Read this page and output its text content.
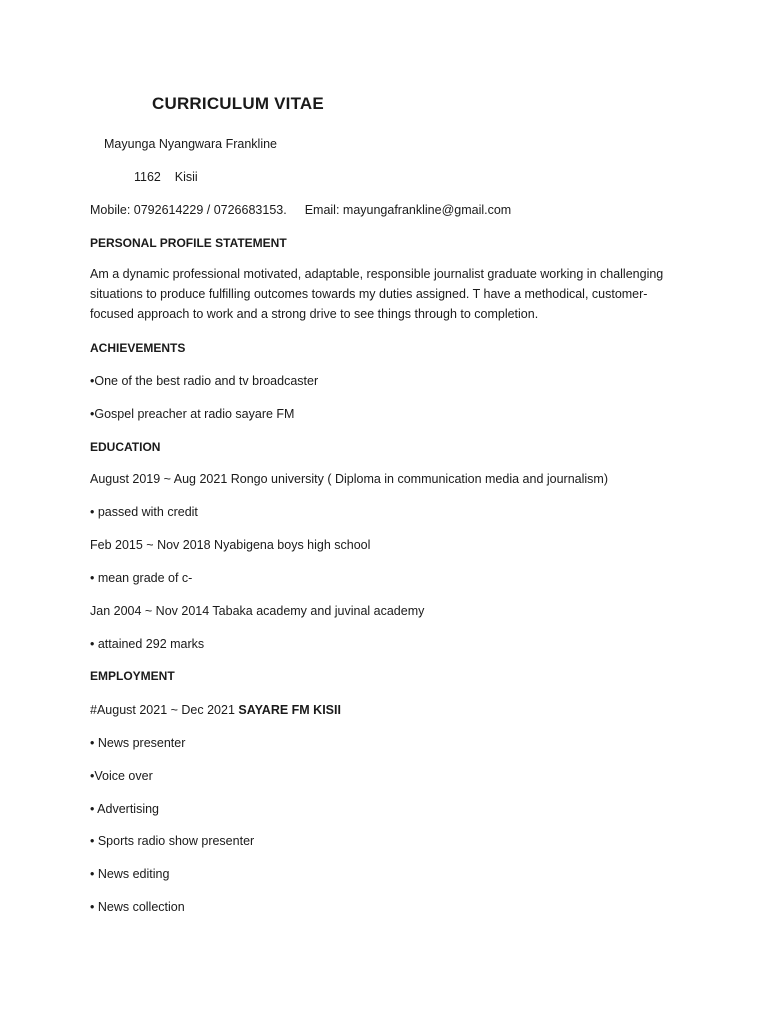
CURRICULUM VITAE
Mayunga Nyangwara Frankline
1162    Kisii
Mobile: 0792614229 / 0726683153. Email: mayungafrankline@gmail.com
PERSONAL PROFILE STATEMENT
Am a dynamic professional motivated, adaptable, responsible journalist graduate working in challenging situations to produce fulfilling outcomes towards my duties assigned. T have a methodical, customer-focused approach to work and a strong drive to see things through to completion.
ACHIEVEMENTS
•One of the best radio and tv broadcaster
•Gospel preacher at radio sayare FM
EDUCATION
August 2019 ~ Aug 2021 Rongo university ( Diploma in communication media and journalism)
• passed with credit
Feb 2015 ~ Nov 2018 Nyabigena boys high school
• mean grade of c-
Jan 2004 ~ Nov 2014 Tabaka academy and juvinal academy
• attained 292 marks
EMPLOYMENT
#August 2021 ~ Dec 2021 SAYARE FM KISII
• News presenter
•Voice over
• Advertising
• Sports radio show presenter
• News editing
• News collection
